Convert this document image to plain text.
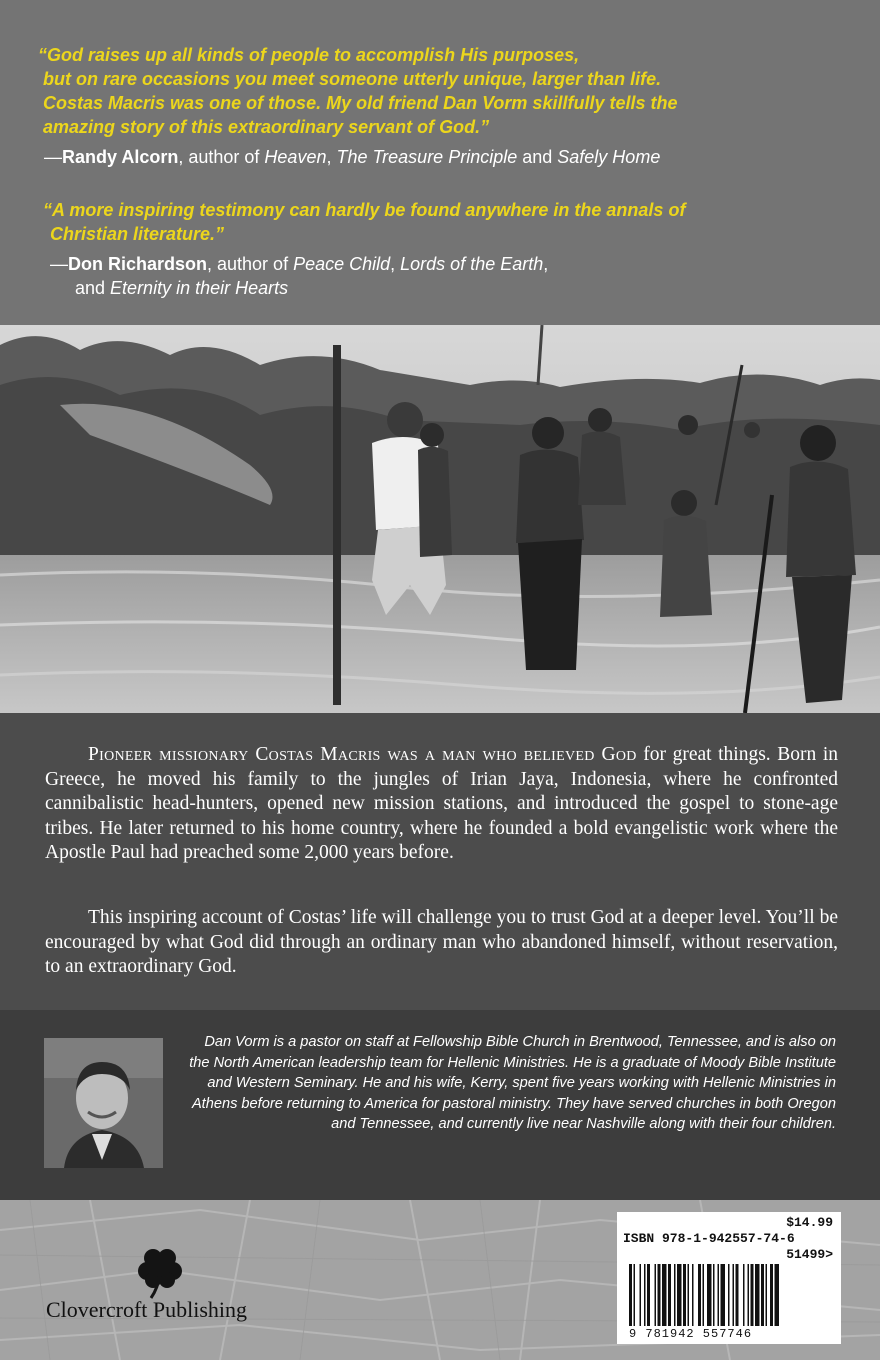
“God raises up all kinds of people to accomplish His purposes,

but on rare occasions you meet someone utterly unique, larger than life.

Costas Macris was one of those. My old friend Dan Vorm skillfully tells the

amazing story of this extraordinary servant of God.”

—Randy Alcorn, author of Heaven, The Treasure Principle and Safely Home

“A more inspiring testimony can hardly be found anywhere in the annals of

Christian literature.”

—Don Richardson, author of Peace Child, Lords of the Earth,

and Eternity in their Hearts

Pioneer missionary Costas Macris was a man who believed God for great things. Born in Greece, he moved his family to the jungles of Irian Jaya, Indonesia, where he confronted cannibalistic head-hunters, opened new mission stations, and introduced the gospel to stone-age tribes. He later returned to his home country, where he founded a bold evangelistic work where the Apostle Paul had preached some 2,000 years before.

This inspiring account of Costas’ life will challenge you to trust God at a deeper level. You’ll be encouraged by what God did through an ordinary man who abandoned himself, without reservation, to an extraordinary God.

Dan Vorm is a pastor on staff at Fellowship Bible Church in Brentwood, Tennessee, and is also on the North American leadership team for Hellenic Ministries. He is a graduate of Moody Bible Institute and Western Seminary. He and his wife, Kerry, spent five years working with Hellenic Ministries in Athens before returning to America for pastoral ministry. They have served churches in both Oregon and Tennessee, and currently live near Nashville along with their four children.

Clovercroft Publishing
$14.99
ISBN 978-1-942557-74-6
51499>
9 781942 557746
